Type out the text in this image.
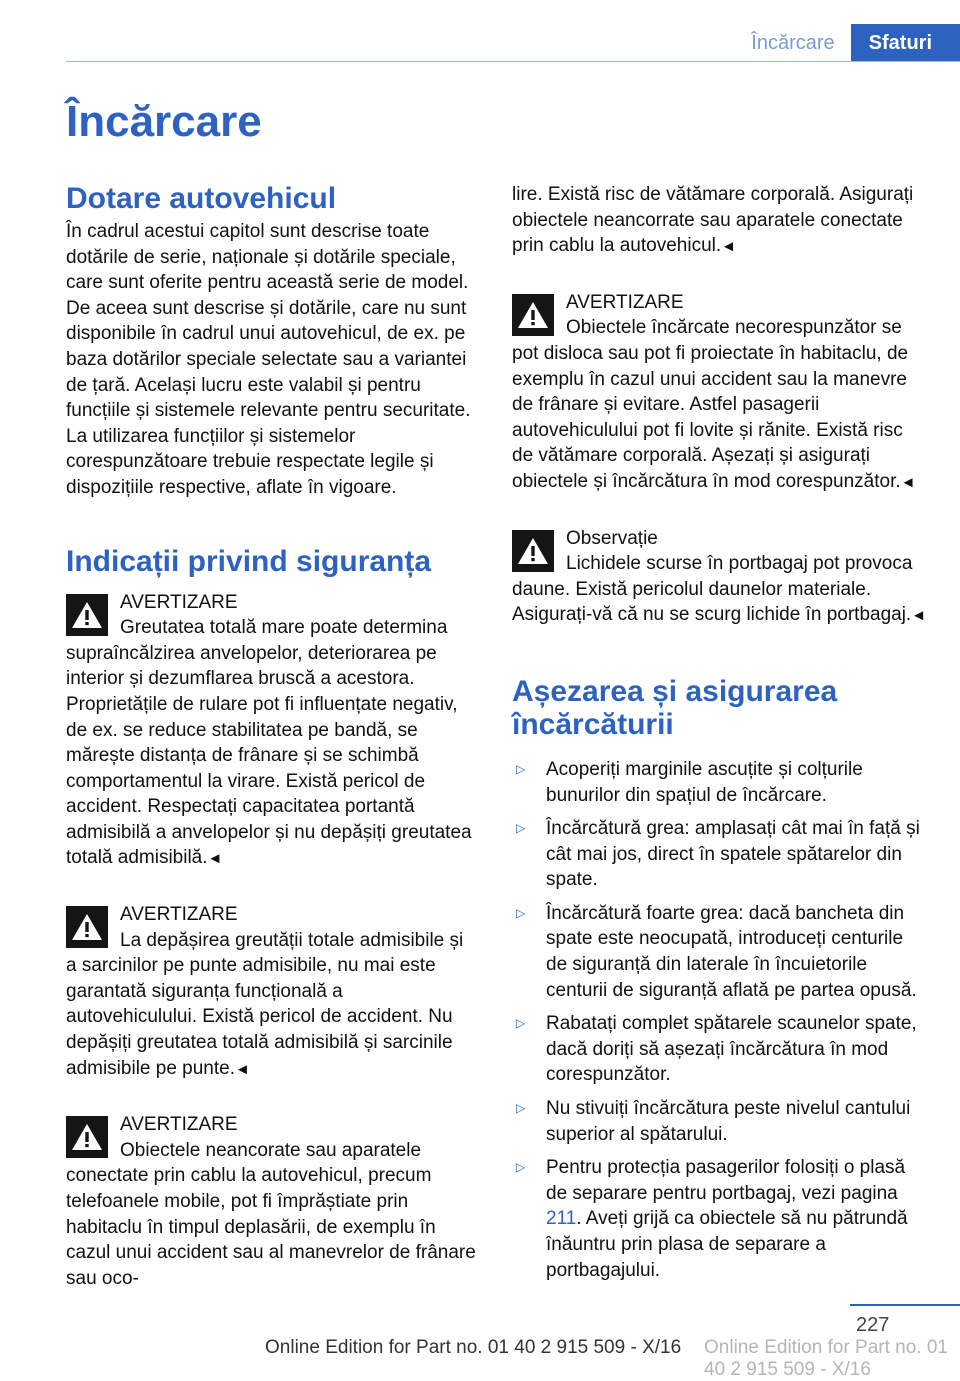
Încărcare	Sfaturi
Încărcare
Dotare autovehicul

În cadrul acestui capitol sunt descrise toate dotările de serie, naționale și dotările speciale, care sunt oferite pentru această serie de model. De aceea sunt descrise și dotările, care nu sunt disponibile în cadrul unui autovehicul, de ex. pe baza dotărilor speciale selectate sau a variantei de țară. Același lucru este valabil și pentru funcțiile și sistemele relevante pentru securitate. La utilizarea funcțiilor și sistemelor corespunzătoare trebuie respectate legile și dispozițiile respective, aflate în vigoare.

Indicații privind siguranța

AVERTIZARE

Greutatea totală mare poate determina supraîncălzirea anvelopelor, deteriorarea pe interior și dezumflarea bruscă a acestora. Proprietățile de rulare pot fi influențate negativ, de ex. se reduce stabilitatea pe bandă, se mărește distanța de frânare și se schimbă comportamentul la virare. Există pericol de accident. Respectați capacitatea portantă admisibilă a anvelopelor și nu depășiți greutatea totală admisibilă.◄

AVERTIZARE

La depășirea greutății totale admisibile și a sarcinilor pe punte admisibile, nu mai este garantată siguranța funcțională a autovehiculului. Există pericol de accident. Nu depășiți greutatea totală admisibilă și sarcinile admisibile pe punte.◄

AVERTIZARE

Obiectele neancorate sau aparatele conectate prin cablu la autovehicul, precum telefoanele mobile, pot fi împrăștiate prin habitaclu în timpul deplasării, de exemplu în cazul unui accident sau al manevrelor de frânare sau oco-

lire. Există risc de vătămare corporală. Asigurați obiectele neancorrate sau aparatele conectate prin cablu la autovehicul.◄

AVERTIZARE

Obiectele încărcate necorespunzător se pot disloca sau pot fi proiectate în habitaclu, de exemplu în cazul unui accident sau la manevre de frânare și evitare. Astfel pasagerii autovehiculului pot fi lovite și rănite. Există risc de vătămare corporală. Așezați și asigurați obiectele și încărcătura în mod corespunzător.◄

Observație

Lichidele scurse în portbagaj pot provoca daune. Există pericolul daunelor materiale. Asigurați-vă că nu se scurg lichide în portbagaj.◄

Așezarea și asigurarea încărcăturii
▷ Acoperiți marginile ascuțite și colțurile bunurilor din spațiul de încărcare.
▷ Încărcătură grea: amplasați cât mai în față și cât mai jos, direct în spatele spătarelor din spate.
▷ Încărcătură foarte grea: dacă bancheta din spate este neocupată, introduceți centurile de siguranță din laterale în încuietorile centurii de siguranță aflată pe partea opusă.
▷ Rabatați complet spătarele scaunelor spate, dacă doriți să așezați încărcătura în mod corespunzător.
▷ Nu stivuiți încărcătura peste nivelul cantului superior al spătarului.
▷ Pentru protecția pasagerilor folosiți o plasă de separare pentru portbagaj, vezi pagina 211. Aveți grijă ca obiectele să nu pătrundă înăuntru prin plasa de separare a portbagajului.
227
Online Edition for Part no. 01 40 2 915 509 - X/16 Online Edition for Part no. 01 40 2 915 509 - X/16
